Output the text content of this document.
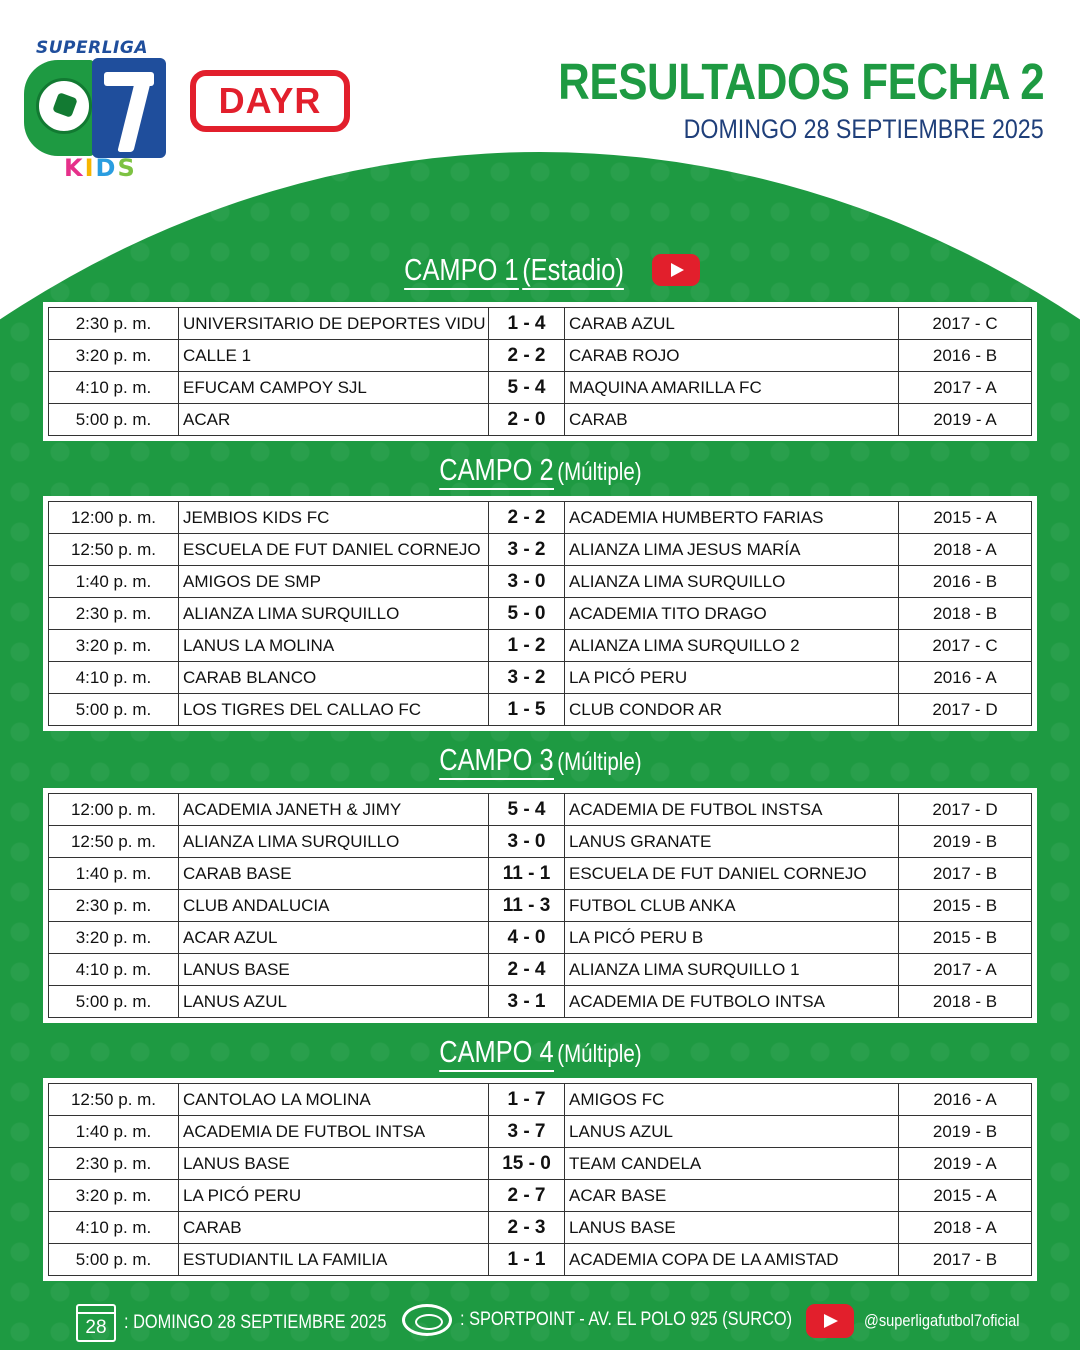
SUPERLIGA
KIDS
DAYR	RESULTADOS FECHA 2
DOMINGO 28 SEPTIEMBRE 2025
CAMPO 1 (Estadio)
2:30 p. m.	UNIVERSITARIO DE DEPORTES VIDU	1 - 4	CARAB AZUL	2017 - C
3:20 p. m.	CALLE 1	2 - 2	CARAB ROJO	2016 - B
4:10 p. m.	EFUCAM CAMPOY SJL	5 - 4	MAQUINA AMARILLA FC	2017 - A
5:00 p. m.	ACAR	2 - 0	CARAB	2019 - A
CAMPO 2 (Múltiple)
12:00 p. m.	JEMBIOS KIDS FC	2 - 2	ACADEMIA HUMBERTO FARIAS	2015 - A
12:50 p. m.	ESCUELA DE FUT DANIEL CORNEJO	3 - 2	ALIANZA LIMA JESUS MARÍA	2018 - A
1:40 p. m.	AMIGOS DE SMP	3 - 0	ALIANZA LIMA SURQUILLO	2016 - B
2:30 p. m.	ALIANZA LIMA SURQUILLO	5 - 0	ACADEMIA TITO DRAGO	2018 - B
3:20 p. m.	LANUS LA MOLINA	1 - 2	ALIANZA LIMA SURQUILLO 2	2017 - C
4:10 p. m.	CARAB BLANCO	3 - 2	LA PICÓ PERU	2016 - A
5:00 p. m.	LOS TIGRES DEL CALLAO FC	1 - 5	CLUB CONDOR AR	2017 - D
CAMPO 3 (Múltiple)
12:00 p. m.	ACADEMIA JANETH & JIMY	5 - 4	ACADEMIA DE FUTBOL INSTSA	2017 - D
12:50 p. m.	ALIANZA LIMA SURQUILLO	3 - 0	LANUS GRANATE	2019 - B
1:40 p. m.	CARAB BASE	11 - 1	ESCUELA DE FUT DANIEL CORNEJO	2017 - B
2:30 p. m.	CLUB ANDALUCIA	11 - 3	FUTBOL CLUB ANKA	2015 - B
3:20 p. m.	ACAR AZUL	4 - 0	LA PICÓ PERU B	2015 - B
4:10 p. m.	LANUS BASE	2 - 4	ALIANZA LIMA SURQUILLO 1	2017 - A
5:00 p. m.	LANUS AZUL	3 - 1	ACADEMIA DE FUTBOLO INTSA	2018 - B
CAMPO 4 (Múltiple)
12:50 p. m.	CANTOLAO LA MOLINA	1 - 7	AMIGOS FC	2016 - A
1:40 p. m.	ACADEMIA DE FUTBOL INTSA	3 - 7	LANUS AZUL	2019 - B
2:30 p. m.	LANUS BASE	15 - 0	TEAM CANDELA	2019 - A
3:20 p. m.	LA PICÓ PERU	2 - 7	ACAR BASE	2015 - A
4:10 p. m.	CARAB	2 - 3	LANUS BASE	2018 - A
5:00 p. m.	ESTUDIANTIL LA FAMILIA	1 - 1	ACADEMIA COPA DE LA AMISTAD	2017 - B
28 : DOMINGO 28 SEPTIEMBRE 2025	: SPORTPOINT - AV. EL POLO 925 (SURCO)	@superligafutbol7oficial
